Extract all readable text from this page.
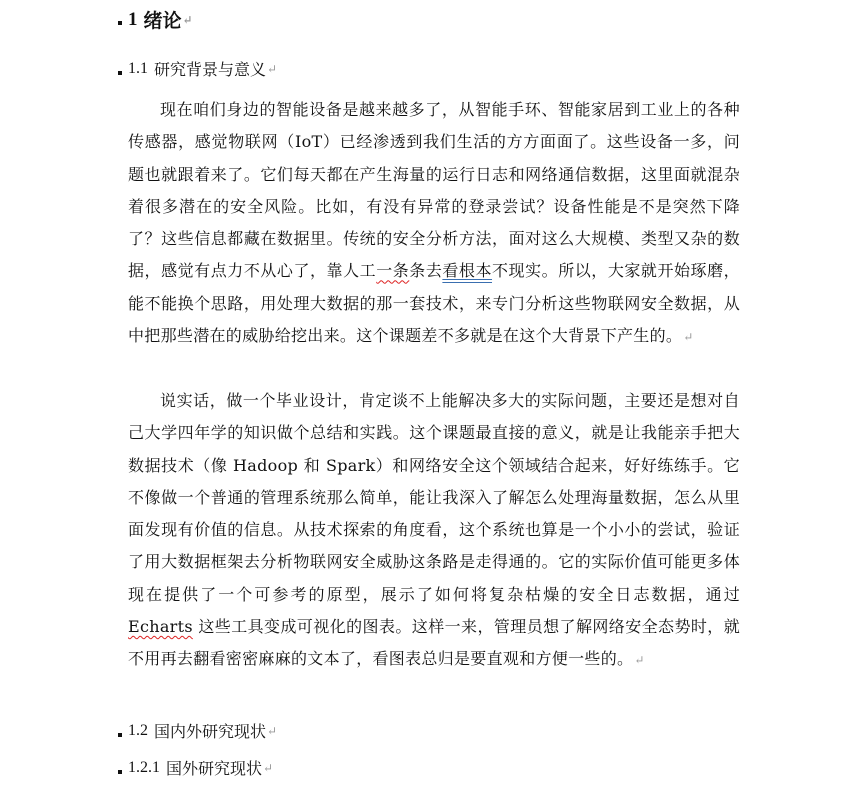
1 绪论 ↵
1.1 研究背景与意义 ↵

现在咱们身边的智能设备是越来越多了，从智能手环、智能家居到工业上的各种传感器，感觉物联网（IoT）已经渗透到我们生活的方方面面了。这些设备一多，问题也就跟着来了。它们每天都在产生海量的运行日志和网络通信数据，这里面就混杂着很多潜在的安全风险。比如，有没有异常的登录尝试？设备性能是不是突然下降了？这些信息都藏在数据里。传统的安全分析方法，面对这么大规模、类型又杂的数据，感觉有点力不从心了，靠人工一条条去看根本不现实。所以，大家就开始琢磨，能不能换个思路，用处理大数据的那一套技术，来专门分析这些物联网安全数据，从中把那些潜在的威胁给挖出来。这个课题差不多就是在这个大背景下产生的。↵

说实话，做一个毕业设计，肯定谈不上能解决多大的实际问题，主要还是想对自己大学四年学的知识做个总结和实践。这个课题最直接的意义，就是让我能亲手把大数据技术（像 Hadoop 和 Spark）和网络安全这个领域结合起来，好好练练手。它不像做一个普通的管理系统那么简单，能让我深入了解怎么处理海量数据，怎么从里面发现有价值的信息。从技术探索的角度看，这个系统也算是一个小小的尝试，验证了用大数据框架去分析物联网安全威胁这条路是走得通的。它的实际价值可能更多体现在提供了一个可参考的原型，展示了如何将复杂枯燥的安全日志数据，通过 Echarts 这些工具变成可视化的图表。这样一来，管理员想了解网络安全态势时，就不用再去翻看密密麻麻的文本了，看图表总归是要直观和方便一些的。↵

1.2 国内外研究现状 ↵
1.2.1 国外研究现状 ↵
